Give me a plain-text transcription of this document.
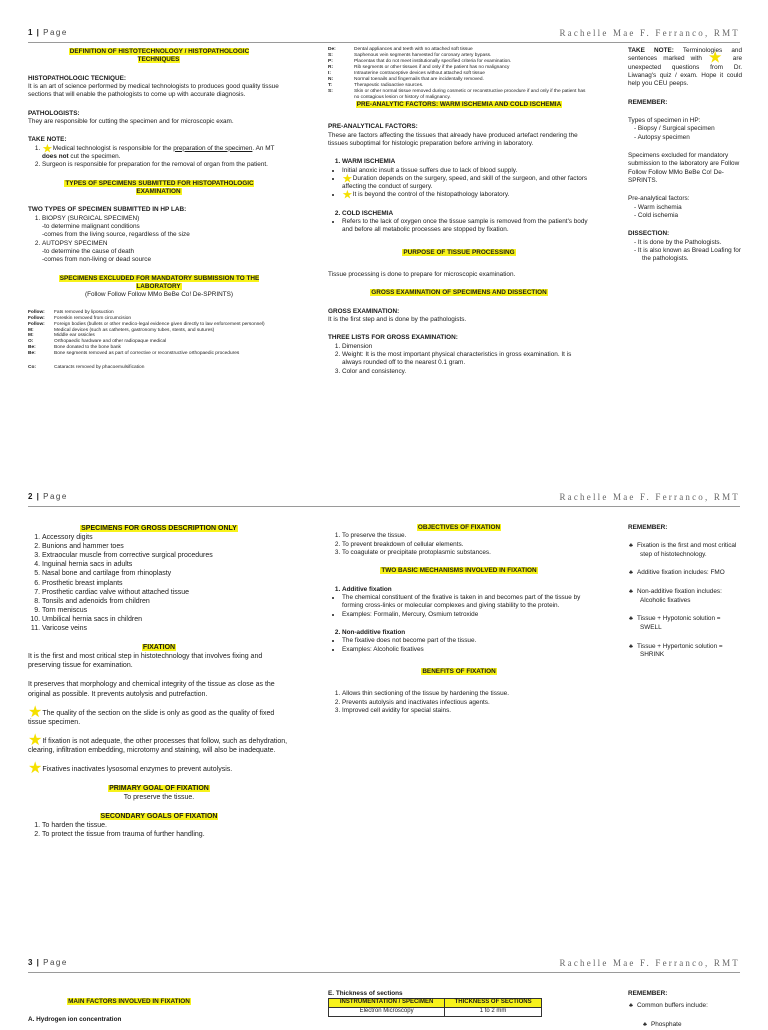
1 | Page	Rachelle Mae F. Ferranco, RMT
DEFINITION OF HISTOTECHNOLOGY / HISTOPATHOLOGIC TECHNIQUES
HISTOPATHOLOGIC TECNIQUE:

It is an art of science performed by medical technologists to produces good quality tissue sections that will enable the pathologists to come up with accurate diagnosis.

PATHOLOGISTS:

They are responsible for cutting the specimen and for microscopic exam.

TAKE NOTE:
1. ★Medical technologist is responsible for the preparation of the specimen. An MT does not cut the specimen.
2. Surgeon is responsible for preparation for the removal of organ from the patient.
TYPES OF SPECIMENS SUBMITTED FOR HISTOPATHOLOGIC EXAMINATION
TWO TYPES OF SPECIMEN SUBMITTED IN HP LAB:
1. BIOPSY (SURGICAL SPECIMEN)
-to determine malignant conditions
-comes from the living source, regardless of the size
2. AUTOPSY SPECIMEN
-to determine the cause of death
-comes from non-living or dead source
SPECIMENS EXCLUDED FOR MANDATORY SUBMISSION TO THE LABORATORY
(Follow Follow Follow MMo BeBe Co! De-SPRINTS)
Follow:	Fats removed by liposuction
Follow:	Foreskin removed from circumcision
Follow:	Foreign bodies (bullets or other medico-legal evidence given directly to law enforcement personnel)
M:	Medical devices (such as catheters, gastronomy tubes, stents, and sutures)
M:	Middle ear ossicles
O:	Orthopaedic hardware and other radiopaque medical
Be:	Bone donated to the bone bank
Be:	Bone segments removed as part of corrective or reconstructive orthopaedic procedures
Co:	Cataracts removed by phacoemulsification
De:	Dental appliances and teeth with no attached soft tissue
S:	Saphenous vein segments harvested for coronary artery bypass.
P:	Placentas that do not meet institutionally specified criteria for examination.
R:	Rib segments or other tissues if and only if the patient has no malignancy
I:	Intrauterine contraceptive devices without attached soft tissue
N:	Normal toenails and fingernails that are incidentally removed.
T:	Therapeutic radioactive sources.
S:	Skin or other normal tissue removed during cosmetic or reconstructive procedure if and only if the patient has no contagious lesion or history of malignancy.
PRE-ANALYTIC FACTORS: WARM ISCHEMIA AND COLD ISCHEMIA
PRE-ANALYTICAL FACTORS:

These are factors affecting the tissues that already have produced artefact rendering the tissues suboptimal for histologic preparation before arriving in laboratory.

1. WARM ISCHEMIA
• Initial anoxic insult a tissue suffers due to lack of blood supply.
• ★Duration depends on the surgery, speed, and skill of the surgeon, and other factors affecting the conduct of surgery.
• ★It is beyond the control of the histopathology laboratory.
2. COLD ISCHEMIA
• Refers to the lack of oxygen once the tissue sample is removed from the patient's body and before all metabolic processes are stopped by fixation.
PURPOSE OF TISSUE PROCESSING

Tissue processing is done to prepare for microscopic examination.

GROSS EXAMINATION OF SPECIMENS AND DISSECTION
GROSS EXAMINATION:

It is the first step and is done by the pathologists.

THREE LISTS FOR GROSS EXAMINATION:
1. Dimension
2. Weight: It is the most important physical characteristics in gross examination. It is always rounded off to the nearest 0.1 gram.
3. Color and consistency.

TAKE NOTE: Terminologies and sentences marked with ★ are unexpected questions from Dr. Liwanag's quiz / exam. Hope it could help you CEU peeps.

REMEMBER:

Types of specimen in HP:

- Biopsy / Surgical specimen
- Autopsy specimen

Specimens excluded for mandatory submission to the laboratory are Follow Follow Follow MMo BeBe Co! De-SPRINTS.

Pre-analytical factors:

- Warm ischemia
- Cold ischemia
DISSECTION:
- It is done by the Pathologists.
- It is also known as Bread Loafing for the pathologists.
2 | Page	Rachelle Mae F. Ferranco, RMT
SPECIMENS FOR GROSS DESCRIPTION ONLY
1. Accessory digits
2. Bunions and hammer toes
3. Extraocular muscle from corrective surgical procedures
4. Inguinal hernia sacs in adults
5. Nasal bone and cartilage from rhinoplasty
6. Prosthetic breast implants
7. Prosthetic cardiac valve without attached tissue
8. Tonsils and adenoids from children
9. Torn meniscus
10. Umbilical hernia sacs in children
11. Varicose veins
FIXATION

It is the first and most critical step in histotechnology that involves fixing and preserving tissue for examination.

It preserves that morphology and chemical integrity of the tissue as close as the original as possible. It prevents autolysis and putrefaction.

★The quality of the section on the slide is only as good as the quality of fixed tissue specimen.

★If fixation is not adequate, the other processes that follow, such as dehydration, clearing, infiltration embedding, microtomy and staining, will also be inadequate.

★Fixatives inactivates lysosomal enzymes to prevent autolysis.

PRIMARY GOAL OF FIXATION
To preserve the tissue.
SECONDARY GOALS OF FIXATION
1. To harden the tissue.
2. To protect the tissue from trauma of further handling.
OBJECTIVES OF FIXATION
1. To preserve the tissue.
2. To prevent breakdown of cellular elements.
3. To coagulate or precipitate protoplasmic substances.
TWO BASIC MECHANISMS INVOLVED IN FIXATION
1. Additive fixation
• The chemical constituent of the fixative is taken in and becomes part of the tissue by forming cross-links or molecular complexes and giving stability to the protein.
• Examples: Formalin, Mercury, Osmium tetroxide
2. Non-additive fixation
• The fixative does not become part of the tissue.
• Examples: Alcoholic fixatives
BENEFITS OF FIXATION
1. Allows thin sectioning of the tissue by hardening the tissue.
2. Prevents autolysis and inactivates infectious agents.
3. Improved cell avidity for special stains.
REMEMBER:
♣ Fixation is the first and most critical step of histotechnology.
♣ Additive fixation includes: FMO
♣ Non-additive fixation includes: Alcoholic fixatives
♣ Tissue + Hypotonic solution = SWELL
♣ Tissue + Hypertonic solution = SHRINK
3 | Page	Rachelle Mae F. Ferranco, RMT
MAIN FACTORS INVOLVED IN FIXATION
A. Hydrogen ion concentration
E. Thickness of sections
INSTRUMENTATION / SPECIMEN	THICKNESS OF SECTIONS
Electron Microscopy	1 to 2 mm
REMEMBER:
♣ Common buffers include:
♣ Phosphate
